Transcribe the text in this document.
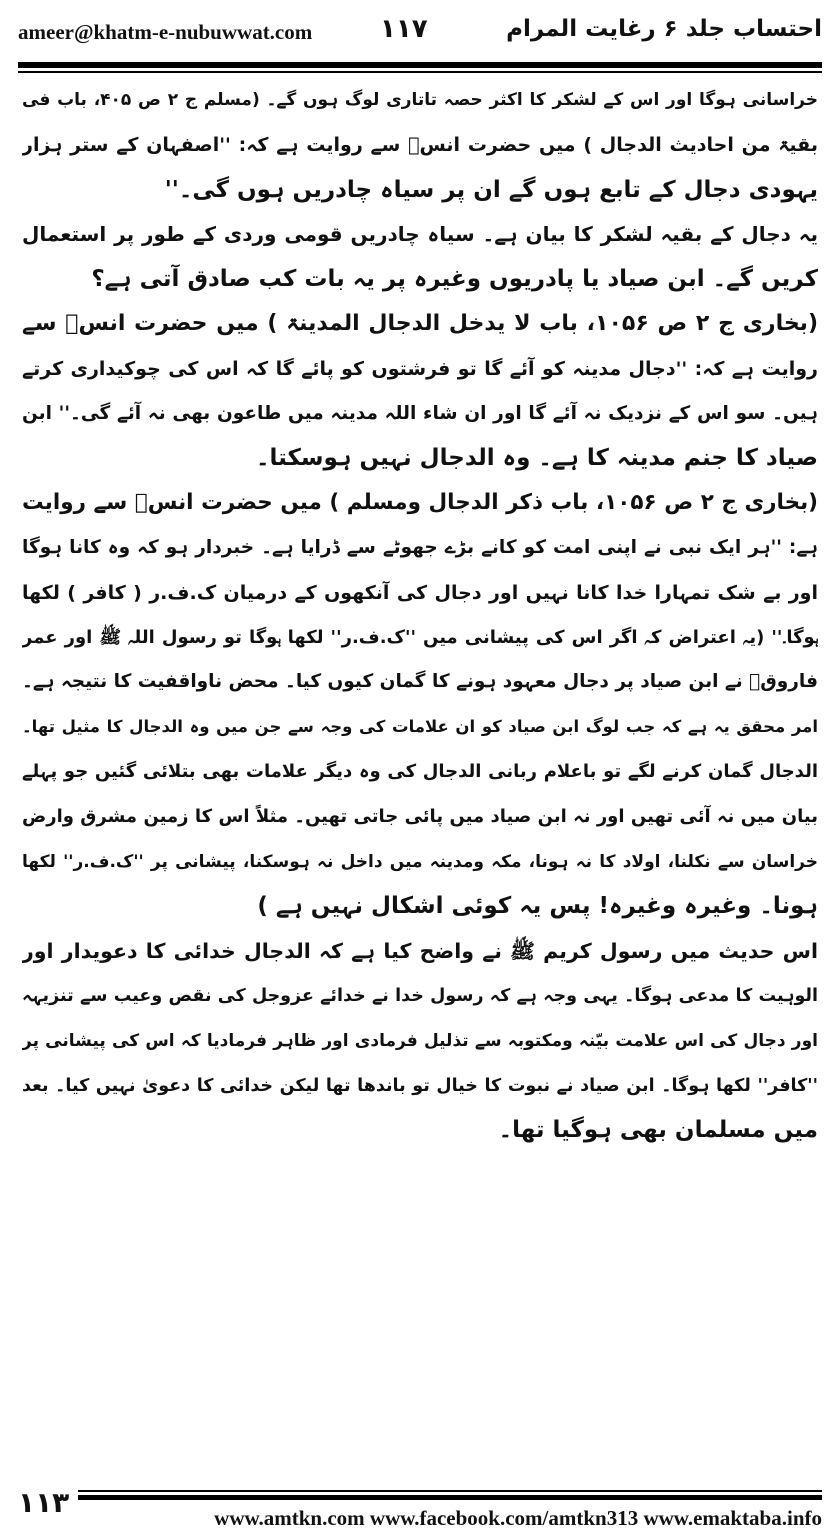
ameer@khatm-e-nubuwwat.com	۱۱۷	احتساب جلد ۶ رغایت المرام
خراسانی ہوگا اور اس کے لشکر کا اکثر حصہ تاتاری لوگ ہوں گے۔ (مسلم ج ۲ ص ۴۰۵، باب فی
بقیۃ من احادیث الدجال ) میں حضرت انسؓ سے روایت ہے کہ: ''اصفہان کے ستر ہزار
یہودی دجال کے تابع ہوں گے ان پر سیاہ چادریں ہوں گی۔''
یہ دجال کے بقیہ لشکر کا بیان ہے۔ سیاہ چادریں قومی وردی کے طور پر استعمال
کریں گے۔ ابن صیاد یا پادریوں وغیرہ پر یہ بات کب صادق آتی ہے؟
(بخاری ج ۲ ص ۱۰۵۶، باب لا یدخل الدجال المدینۃ ) میں حضرت انسؓ سے
روایت ہے کہ: ''دجال مدینہ کو آئے گا تو فرشتوں کو پائے گا کہ اس کی چوکیداری کرتے
ہیں۔ سو اس کے نزدیک نہ آئے گا اور ان شاء اللہ مدینہ میں طاعون بھی نہ آئے گی۔'' ابن
صیاد کا جنم مدینہ کا ہے۔ وہ الدجال نہیں ہوسکتا۔
(بخاری ج ۲ ص ۱۰۵۶، باب ذکر الدجال ومسلم ) میں حضرت انسؓ سے روایت
ہے: ''ہر ایک نبی نے اپنی امت کو کانے بڑے جھوٹے سے ڈرایا ہے۔ خبردار ہو کہ وہ کانا ہوگا
اور بے شک تمہارا خدا کانا نہیں اور دجال کی آنکھوں کے درمیان ک.ف.ر ( کافر ) لکھا
ہوگا۔'' (یہ اعتراض کہ اگر اس کی پیشانی میں ''ک.ف.ر'' لکھا ہوگا تو رسول اللہ ﷺ اور عمر
فاروقؓ نے ابن صیاد پر دجال معہود ہونے کا گمان کیوں کیا۔ محض ناواقفیت کا نتیجہ ہے۔
امر محقق یہ ہے کہ جب لوگ ابن صیاد کو ان علامات کی وجہ سے جن میں وہ الدجال کا مثیل تھا۔
الدجال گمان کرنے لگے تو باعلام ربانی الدجال کی وہ دیگر علامات بھی بتلائی گئیں جو پہلے
بیان میں نہ آئی تھیں اور نہ ابن صیاد میں پائی جاتی تھیں۔ مثلاً اس کا زمین مشرق وارض
خراسان سے نکلنا، اولاد کا نہ ہونا، مکہ ومدینہ میں داخل نہ ہوسکنا، پیشانی پر ''ک.ف.ر'' لکھا
ہونا۔ وغیرہ وغیرہ! پس یہ کوئی اشکال نہیں ہے )
اس حدیث میں رسول کریم ﷺ نے واضح کیا ہے کہ الدجال خدائی کا دعویدار اور
الوہیت کا مدعی ہوگا۔ یہی وجہ ہے کہ رسول خدا نے خدائے عزوجل کی نقص وعیب سے تنزیہہ
اور دجال کی اس علامت بیّنہ ومکتوبہ سے تذلیل فرمادی اور ظاہر فرمادیا کہ اس کی پیشانی پر
''کافر'' لکھا ہوگا۔ ابن صیاد نے نبوت کا خیال تو باندھا تھا لیکن خدائی کا دعویٰ نہیں کیا۔ بعد
میں مسلمان بھی ہوگیا تھا۔
۱۱۳	www.amtkn.com www.facebook.com/amtkn313 www.emaktaba.info
